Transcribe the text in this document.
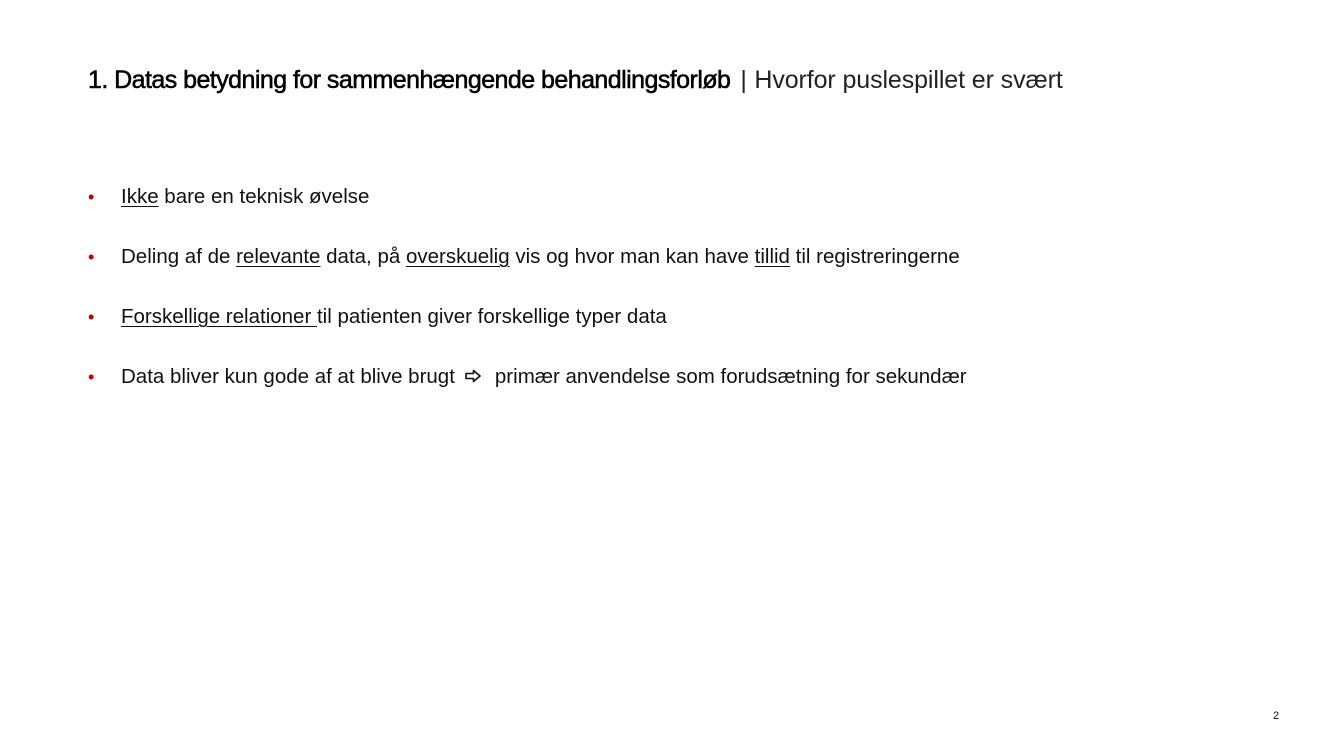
1. Datas betydning for sammenhængende behandlingsforløb | Hvorfor puslespillet er svært
•	Ikke bare en teknisk øvelse
•	Deling af de relevante data, på overskuelig vis og hvor man kan have tillid til registreringerne
•	Forskellige relationer til patienten giver forskellige typer data
•	Data bliver kun gode af at blive brugt primær anvendelse som forudsætning for sekundær
2
